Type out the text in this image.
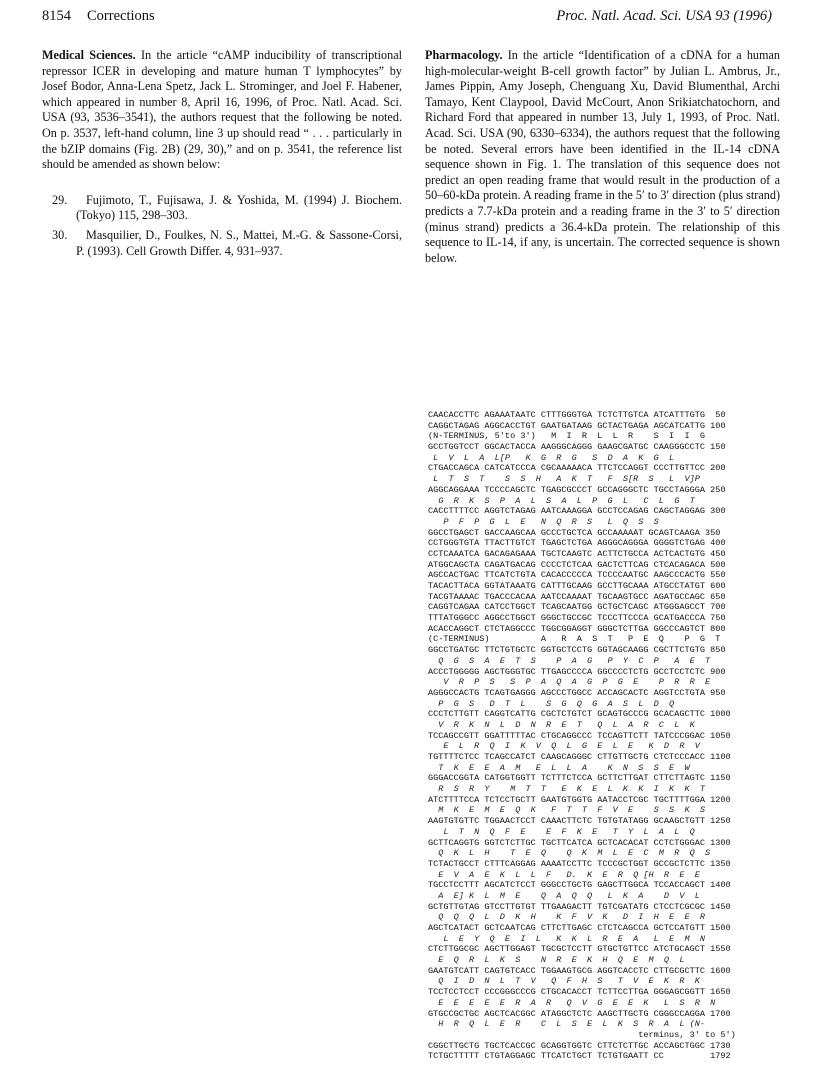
8154 Corrections	Proc. Natl. Acad. Sci. USA 93 (1996)

Medical Sciences. In the article “cAMP inducibility of transcriptional repressor ICER in developing and mature human T lymphocytes” by Josef Bodor, Anna-Lena Spetz, Jack L. Strominger, and Joel F. Habener, which appeared in number 8, April 16, 1996, of Proc. Natl. Acad. Sci. USA (93, 3536–3541), the authors request that the following be noted. On p. 3537, left-hand column, line 3 up should read “ . . . particularly in the bZIP domains (Fig. 2B) (29, 30),” and on p. 3541, the reference list should be amended as shown below:

29. Fujimoto, T., Fujisawa, J. & Yoshida, M. (1994) J. Biochem. (Tokyo) 115, 298–303.
30. Masquilier, D., Foulkes, N. S., Mattei, M.-G. & Sassone-Corsi, P. (1993). Cell Growth Differ. 4, 931–937.

Pharmacology. In the article “Identification of a cDNA for a human high-molecular-weight B-cell growth factor” by Julian L. Ambrus, Jr., James Pippin, Amy Joseph, Chenguang Xu, David Blumenthal, Archi Tamayo, Kent Claypool, David McCourt, Anon Srikiatchatochorn, and Richard Ford that appeared in number 13, July 1, 1993, of Proc. Natl. Acad. Sci. USA (90, 6330–6334), the authors request that the following be noted. Several errors have been identified in the IL-14 cDNA sequence shown in Fig. 1. The translation of this sequence does not predict an open reading frame that would result in the production of a 50–60-kDa protein. A reading frame in the 5′ to 3′ direction (plus strand) predicts a 7.7-kDa protein and a reading frame in the 3′ to 5′ direction (minus strand) predicts a 36.4-kDa protein. The relationship of this sequence to IL-14, if any, is uncertain. The corrected sequence is shown below.

CAACACCTTC AGAAATAATC CTTTGGGTGA TCTCTTGTCA ATCATTTGTG  50
CAGGCTAGAG AGGCACCTGT GAATGATAAG GCTACTGAGA AGCATCATTG 100
(N-TERMINUS, 5'to 3')   M  I  R  L  L  R    S  I  I  G
GCCTGGTCCT GGCACTACCA AAGGGCAGGG GAAGCGATGC CAAGGGCCTC 150
L  V  L  A  L[P   K  G  R  G   S  D  A  K  G  L
CTGACCAGCA CATCATCCCA CGCAAAAACA TTCTCCAGGT CCCTTGTTCC 200
L  T  S  T    S  S  H   A  K  T   F  S[R  S   L  V]P
AGGCAGGAAA TCCCCAGCTC TGAGCGCCCT GCCAGGGCTC TGCCTAGGGA 250
G  R  K  S  P  A  L  S  A  L  P  G  L   C  L  G  T
CACCTTTTCC AGGTCTAGAG AATCAAAGGA GCCTCCAGAG CAGCTAGGAG 300
P  F  P  G  L  E   N  Q  R  S   L  Q  S  S
GGCCTGAGCT GACCAAGCAA GCCCTGCTCA GCCAAAAAT GCAGTCAAGA 350
CCTGGGTGTA TTACTTGTCT TGAGCTCTGA AGGGCAGGGA GGGGTCTGAG 400
CCTCAAATCA GACAGAGAAA TGCTCAAGTC ACTTCTGCCA ACTCACTGTG 450
ATGGCAGCTA CAGATGACAG CCCCTCTCAA GACTCTTCAG CTCACAGACA 500
AGCCACTGAC TTCATCTGTA CACACCCCCA TCCCCAATGC AAGCCCACTG 550
TACACTTACA GGTATAAATG CATTTGCAAG GCCTTGCAAA ATGCCTATGT 600
TACGTAAAAC TGACCCACAA AATCCAAAAT TGCAAGTGCC AGATGCCAGC 650
CAGGTCAGAA CATCCTGGCT TCAGCAATGG GCTGCTCAGC ATGGGAGCCT 700
TTTATGGGCC AGGCCTGGCT GGGCTGCCGC TCCCTTCCCA GCATGACCCA 750
ACACCAGGCT CTCTAGGCCC TGGCGGAGGT GGGCTCTTGA GGCCCAGTCT 800
(C-TERMINUS)          A   R  A  S  T   P  E  Q    P  G  T
GGCCTGATGC TTCTGTGCTC GGTGCTCCTG GGTAGCAAGG CGCTTCTGTG 850
Q  G  S  A  E  T  S    P  A  G   P  Y  C  P   A  E  T
ACCCTGGGGG AGCTGGGTGC TTGAGCCCCA GGCCCCTCTG GCCTCCTCTC 900
V  R  P  S   S  P  A  Q  A  G  P  G  E    P  R  R  E
AGGGCCACTG TCAGTGAGGG AGCCCTGGCC ACCAGCACTC AGGTCCTGTA 950
P  G  S   D  T  L    S  G  Q  G  A  S  L  D  Q
CCCTCTTGTT CAGGTCATTG CGCTCTGTCT GCAGTGCCCG GCACAGCTTC 1000
V  R  K  N  L  D  N  R  E  T   Q  L  A  R  C  L  K
TCCAGCCGTT GGATTTTTAC CTGCAGGCCC TCCAGTTCTT TATCCCGGAC 1050
E  L  R  Q  I  K  V  Q  L  G  E  L  E   K  D  R  V
TGTTTTCTCC TCAGCCATCT CAAGCAGGGC CTTGTTGCTG CTCTCCCACC 1100
T  K  E  E  A  M   E  L  L  A    K  N  S  S  E  W
GGGACCGGTA CATGGTGGTT TCTTTCTCCA GCTTCTTGAT CTTCTTAGTC 1150
R  S  R  Y    M  T  T   E  K  E  L  K  K  I  K  K  T
ATCTTTTCCA TCTCCTGCTT GAATGTGGTG AATACCTCGC TGCTTTTGGA 1200
M  K  E  M  E  Q  K   F  T  T  F  V  E    S  S  K  S
AAGTGTGTTC TGGAACTCCT CAAACTTCTC TGTGTATAGG GCAAGCTGTT 1250
L  T  N  Q  F  E    E  F  K  E   T  Y  L  A  L  Q
GCTTCAGGTG GGTCTCTTGC TGCTTCATCA GCTCACACAT CCTCTGGGAC 1300
Q  K  L  H    T  E  Q    Q  K  M  L  E  C  M  R  Q  S
TCTACTGCCT CTTTCAGGAG AAAATCCTTC TCCCGCTGGT GCCGCTCTTC 1350
E  V  A  E  K  L  L  F   D.  K  E  R  Q [H  R  E  E
TGCCTCCTTT AGCATCTCCT GGGCCTGCTG GAGCTTGGCA TCCACCAGCT 1400
A  E] K  L  M  E    Q  A  Q  Q   L  K  A    D  V  L
GCTGTTGTAG GTCCTTGTGT TTGAAGACTT TGTCGATATG CTCCTCGCGC 1450
Q  Q  Q  L  D  K  H    K  F  V  K   D  I  H  E  E  R
AGCTCATACT GCTCAATCAG CTTCTTGAGC CTCTCAGCCA GCTCCATGTT 1500
L  E  Y  Q  E  I  L   K  K  L  R  E  A   L  E  M  N
CTCTTGGCGC AGCTTGGAGT TGCGCTCCTT GTGCTGTTCC ATCTGCAGCT 1550
E  Q  R  L  K  S    N  R  E  K  H  Q  E  M  Q  L
GAATGTCATT CAGTGTCACC TGGAAGTGCG AGGTCACCTC CTTGCGCTTC 1600
Q  I  D  N  L  T  V   Q  F  H  S   T  V  E  K  R  K
TCCTCCTCCT CCCGGGCCCG CTGCACACCT TCTTCCTTGA GGGAGCGGTT 1650
E  E  E  E  E  R  A  R   Q  V  G  E  E  K   L  S  R  N
GTGCCGCTGC AGCTCACGGC ATAGGCTCTC AAGCTTGCTG CGGGCCAGGA 1700
H  R  Q  L  E  R    C  L  S  E  L  K  S  R  A  L (N-
terminus, 3' to 5')
CGGCTTGCTG TGCTCACCGC GCAGGTGGTC CTTCTCTTGC ACCAGCTGGC 1730
TCTGCTTTTT CTGTAGGAGC TTCATCTGCT TCTGTGAATT CC         1792
